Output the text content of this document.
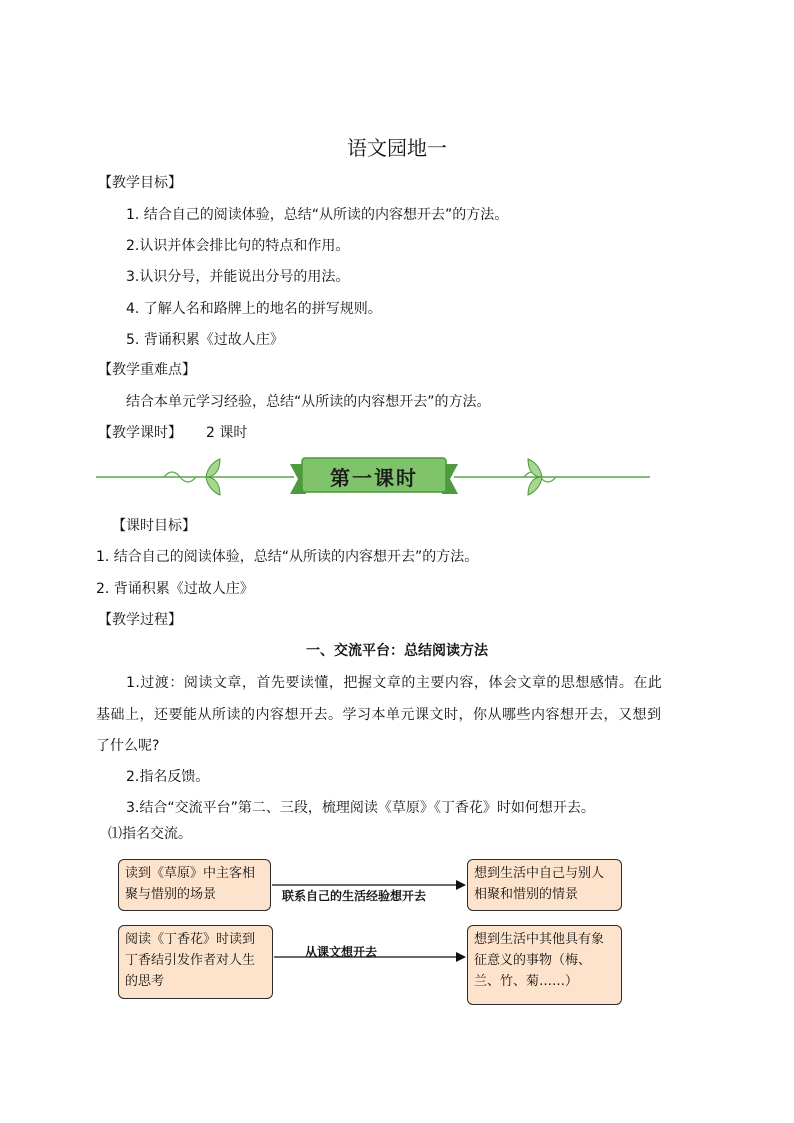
语文园地一
【教学目标】
1. 结合自己的阅读体验，总结“从所读的内容想开去”的方法。
2.认识并体会排比句的特点和作用。
3.认识分号，并能说出分号的用法。
4. 了解人名和路牌上的地名的拼写规则。
5. 背诵积累《过故人庄》
【教学重难点】
结合本单元学习经验，总结“从所读的内容想开去”的方法。
【教学课时】 2 课时
第一课时
【课时目标】
1. 结合自己的阅读体验，总结“从所读的内容想开去”的方法。
2. 背诵积累《过故人庄》
【教学过程】
一、交流平台：总结阅读方法
1.过渡：阅读文章，首先要读懂，把握文章的主要内容，体会文章的思想感情。在此
基础上，还要能从所读的内容想开去。学习本单元课文时，你从哪些内容想开去，又想到
了什么呢?
2.指名反馈。
3.结合“交流平台”第二、三段，梳理阅读《草原》《丁香花》时如何想开去。
⑴指名交流。
读到《草原》中主客相聚与惜别的场景
想到生活中自己与别人相聚和惜别的情景
阅读《丁香花》时读到丁香结引发作者对人生的思考
想到生活中其他具有象征意义的事物（梅、兰、竹、菊……）
联系自己的生活经验想开去
从课文想开去
